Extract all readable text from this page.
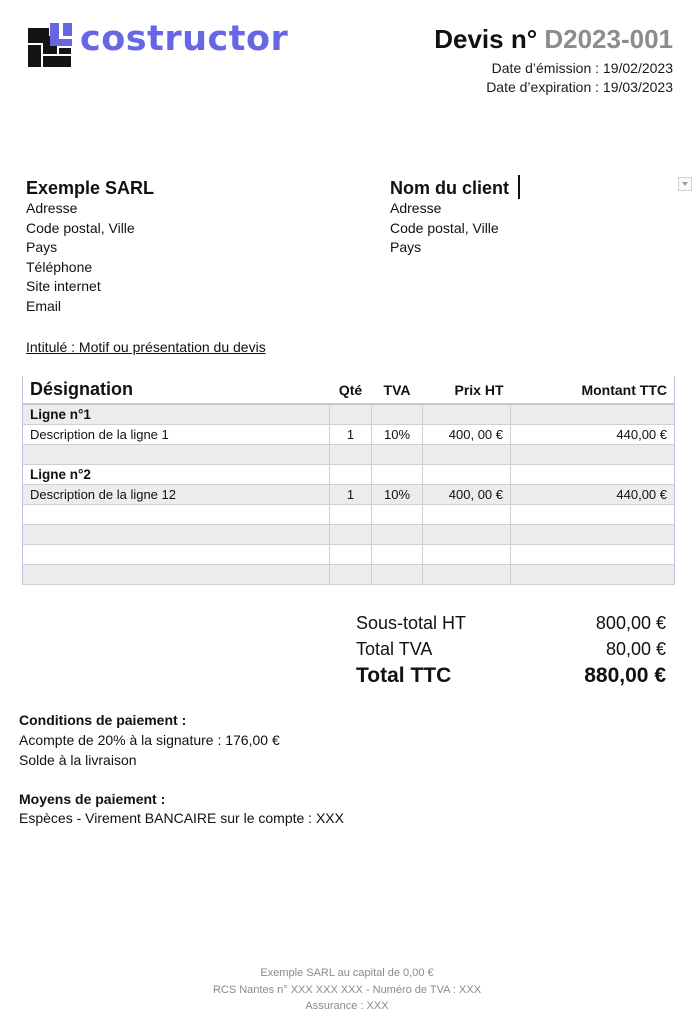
costructor	Devis n° D2023-001
Date d’émission : 19/02/2023
Date d’expiration : 19/03/2023
Exemple SARL
Adresse
Code postal, Ville
Pays
Téléphone
Site internet
Email
Nom du client
Adresse
Code postal, Ville
Pays
Intitulé : Motif ou présentation du devis
Désignation	Qté	TVA	Prix HT	Montant TTC
Ligne n°1				
Description de la ligne 1	1	10%	400, 00 €	440,00 €

Ligne n°2				
Description de la ligne 12	1	10%	400, 00 €	440,00 €

Sous-total HT	800,00 €
Total TVA	80,00 €
Total TTC	880,00 €
Conditions de paiement :
Acompte de 20% à la signature : 176,00 €
Solde à la livraison
Moyens de paiement :
Espèces - Virement BANCAIRE sur le compte : XXX
Exemple SARL au capital de 0,00 €
RCS Nantes n° XXX XXX XXX - Numéro de TVA : XXX
Assurance : XXX
